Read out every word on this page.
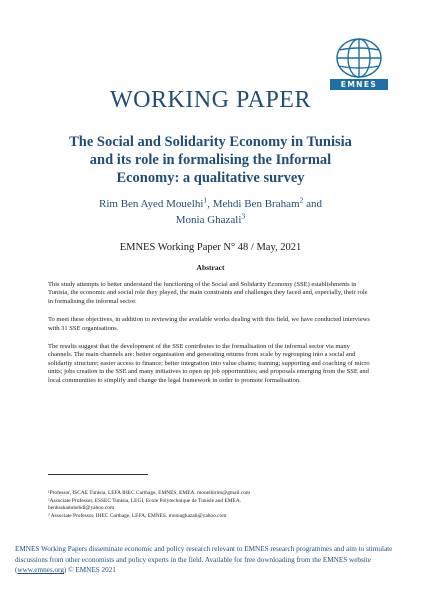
EMNES
WORKING PAPER
The Social and Solidarity Economy in Tunisia and its role in formalising the Informal Economy: a qualitative survey
Rim Ben Ayed Mouelhi$^1$, Mehdi Ben Braham$^2$ and
Monia Ghazali$^3$
EMNES Working Paper N° 48 / May, 2021
Abstract

This study attempts to better understand the functioning of the Social and Solidarity Economy (SSE) establishments in Tunisia, the economic and social role they played, the main constraints and challenges they faced and, especially, their role in formalising the informal sector.

To meet these objectives, in addition to reviewing the available works dealing with this field, we have conducted interviews with 31 SSE organisations.

The results suggest that the development of the SSE contributes to the formalisation of the informal sector via many channels. The main channels are: better organisation and generating returns from scale by regrouping into a social and solidarity structure; easier access to finance; better integration into value chains; training; supporting and coaching of micro units; jobs creation in the SSE and many initiatives to open up job opportunities; and proposals emerging from the SSE and local communities to simplify and change the legal framework in order to promote formalisation.

¹Professor, ISCAE Tunisia, LEFA IHEC Carthage, EMNES, EMEA. mouelhirim@gmail.com
²Associate Professor, ESSEC Tunisia, LEGI, Ecole Polytechnique de Tunisie and EMEA.
benbrahammehdi@yahoo.com
³ Associate Professor, IHEC Carthage, LEFA, EMNES. moniaghazali@yahoo.com
EMNES Working Papers disseminate economic and policy research relevant to EMNES research programmes and aim to stimulate discussions from other economists and policy experts in the field. Available for free downloading from the EMNES website (www.emnes.org) © EMNES 2021
